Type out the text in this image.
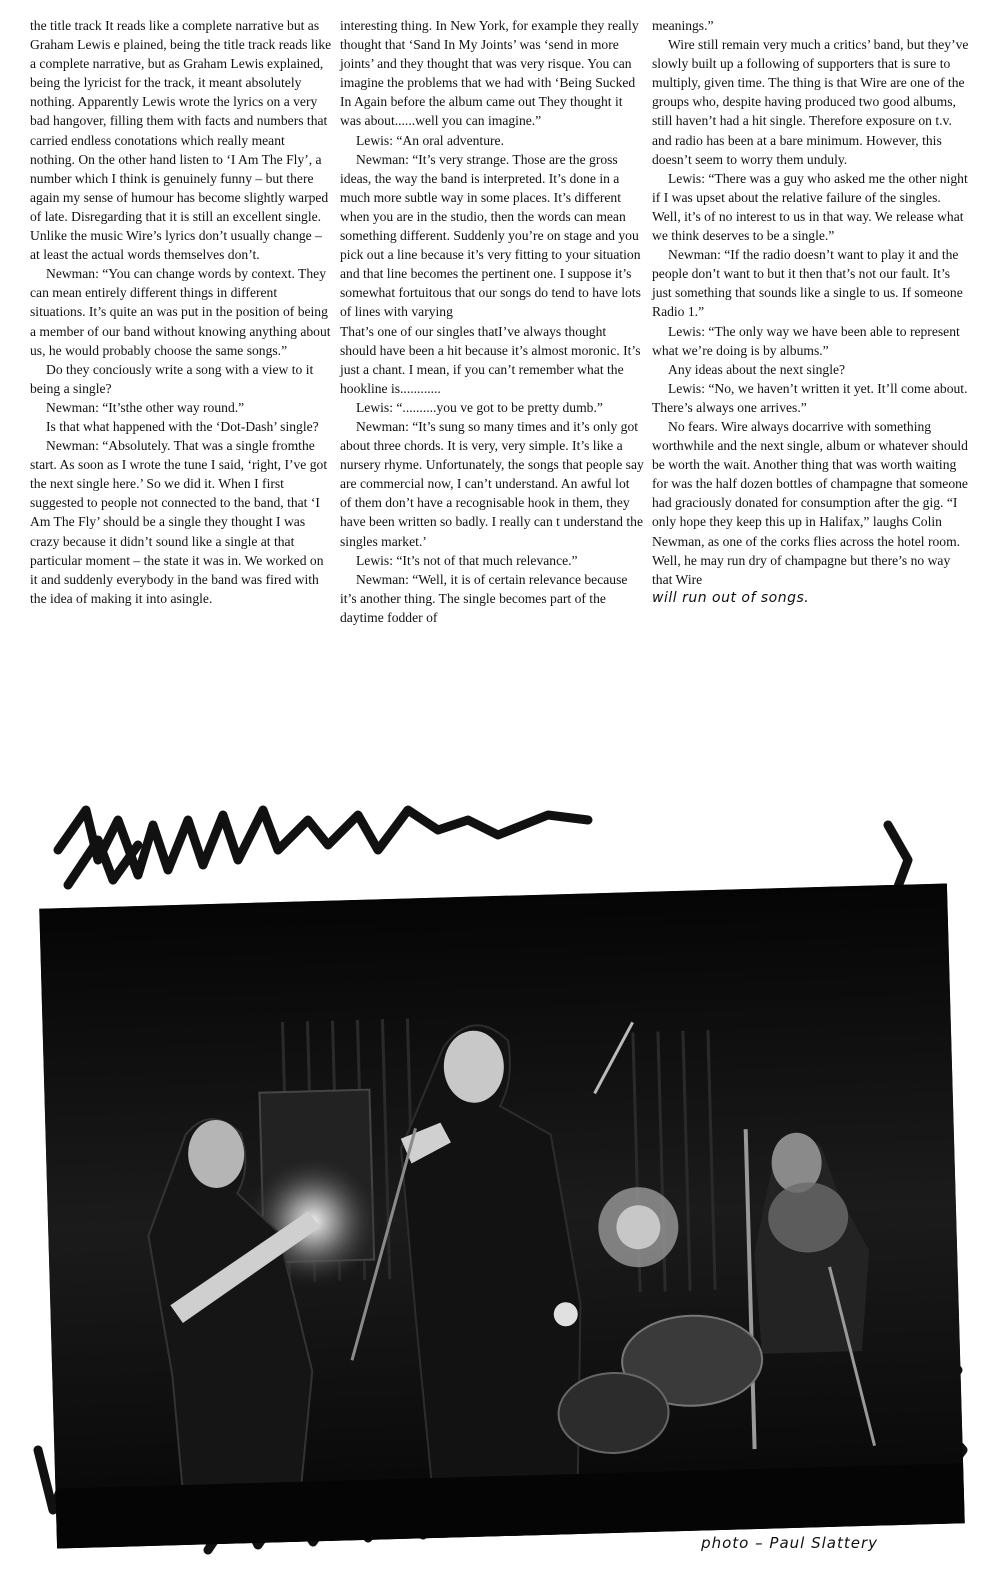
the title track It reads like a complete narrative but as Graham Lewis e plained, being the title track reads like a complete narrative, but as Graham Lewis explained, being the lyricist for the track, it meant absolutely nothing. Apparently Lewis wrote the lyrics on a very bad hangover, filling them with facts and numbers that carried endless conotations which really meant nothing. On the other hand listen to ‘I Am The Fly’, a number which I think is genuinely funny – but there again my sense of humour has become slightly warped of late. Disregarding that it is still an excellent single. Unlike the music Wire’s lyrics don’t usually change – at least the actual words themselves don’t.

Newman: “You can change words by context. They can mean entirely different things in different situations. It’s quite an was put in the position of being a member of our band without knowing anything about us, he would probably choose the same songs.”

Do they conciously write a song with a view to it being a single?

Newman: “It’sthe other way round.”

Is that what happened with the ‘Dot-Dash’ single?

Newman: “Absolutely. That was a single fromthe start. As soon as I wrote the tune I said, ‘right, I’ve got the next single here.’ So we did it. When I first suggested to people not connected to the band, that ‘I Am The Fly’ should be a single they thought I was crazy because it didn’t sound like a single at that particular moment – the state it was in. We worked on it and suddenly everybody in the band was fired with the idea of making it into asingle.

interesting thing. In New York, for example they really thought that ‘Sand In My Joints’ was ‘send in more joints’ and they thought that was very risque. You can imagine the problems that we had with ‘Being Sucked In Again before the album came out They thought it was about......well you can imagine.”

Lewis: “An oral adventure.

Newman: “It’s very strange. Those are the gross ideas, the way the band is interpreted. It’s done in a much more subtle way in some places. It’s different when you are in the studio, then the words can mean something different. Suddenly you’re on stage and you pick out a line because it’s very fitting to your situation and that line becomes the pertinent one. I suppose it’s somewhat fortuitous that our songs do tend to have lots of lines with varying

That’s one of our singles thatI’ve always thought should have been a hit because it’s almost moronic. It’s just a chant. I mean, if you can’t remember what the hookline is............

Lewis: “..........you ve got to be pretty dumb.”

Newman: “It’s sung so many times and it’s only got about three chords. It is very, very simple. It’s like a nursery rhyme. Unfortunately, the songs that people say are commercial now, I can’t understand. An awful lot of them don’t have a recognisable hook in them, they have been written so badly. I really can t understand the singles market.’

Lewis: “It’s not of that much relevance.”

Newman: “Well, it is of certain relevance because it’s another thing. The single becomes part of the daytime fodder of

meanings.”

Wire still remain very much a critics’ band, but they’ve slowly built up a following of supporters that is sure to multiply, given time. The thing is that Wire are one of the groups who, despite having produced two good albums, still haven’t had a hit single. Therefore exposure on t.v. and radio has been at a bare minimum. However, this doesn’t seem to worry them unduly.

Lewis: “There was a guy who asked me the other night if I was upset about the relative failure of the singles. Well, it’s of no interest to us in that way. We release what we think deserves to be a single.”

Newman: “If the radio doesn’t want to play it and the people don’t want to but it then that’s not our fault. It’s just something that sounds like a single to us. If someone

Radio 1.”

Lewis: “The only way we have been able to represent what we’re doing is by albums.”

Any ideas about the next single?

Lewis: “No, we haven’t written it yet. It’ll come about. There’s always one arrives.”

No fears. Wire always docarrive with something worthwhile and the next single, album or whatever should be worth the wait. Another thing that was worth waiting for was the half dozen bottles of champagne that someone had graciously donated for consumption after the gig. “I only hope they keep this up in Halifax,” laughs Colin Newman, as one of the corks flies across the hotel room. Well, he may run dry of champagne but there’s no way that Wire

will run out of songs.

photo – Paul Slattery
